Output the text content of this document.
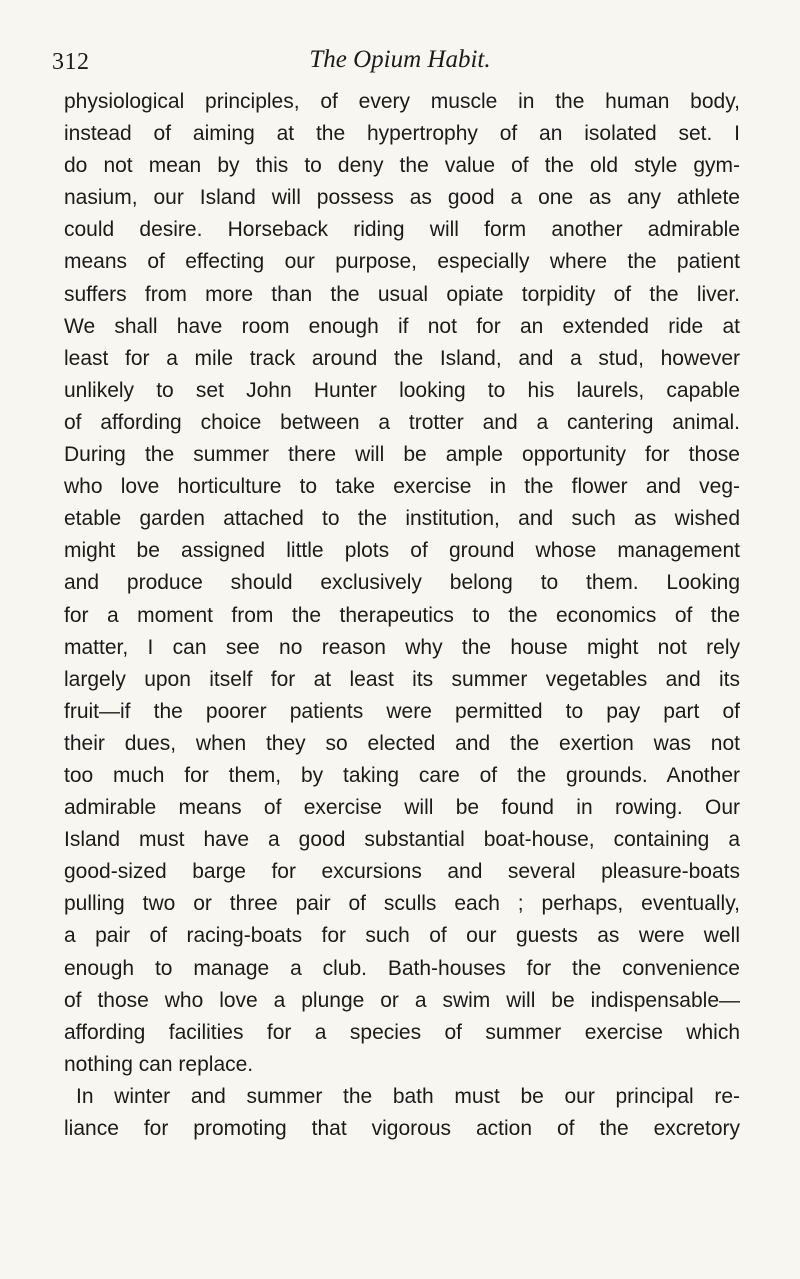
312	The Opium Habit.
physiological principles, of every muscle in the human body,
instead of aiming at the hypertrophy of an isolated set. I
do not mean by this to deny the value of the old style gym-
nasium, our Island will possess as good a one as any athlete
could desire. Horseback riding will form another admirable
means of effecting our purpose, especially where the patient
suffers from more than the usual opiate torpidity of the liver.
We shall have room enough if not for an extended ride at
least for a mile track around the Island, and a stud, however
unlikely to set John Hunter looking to his laurels, capable
of affording choice between a trotter and a cantering animal.
During the summer there will be ample opportunity for those
who love horticulture to take exercise in the flower and veg-
etable garden attached to the institution, and such as wished
might be assigned little plots of ground whose management
and produce should exclusively belong to them. Looking
for a moment from the therapeutics to the economics of the
matter, I can see no reason why the house might not rely
largely upon itself for at least its summer vegetables and its
fruit—if the poorer patients were permitted to pay part of
their dues, when they so elected and the exertion was not
too much for them, by taking care of the grounds. Another
admirable means of exercise will be found in rowing. Our
Island must have a good substantial boat-house, containing a
good-sized barge for excursions and several pleasure-boats
pulling two or three pair of sculls each ; perhaps, eventually,
a pair of racing-boats for such of our guests as were well
enough to manage a club. Bath-houses for the convenience
of those who love a plunge or a swim will be indispensable—
affording facilities for a species of summer exercise which
nothing can replace.
In winter and summer the bath must be our principal re-
liance for promoting that vigorous action of the excretory
